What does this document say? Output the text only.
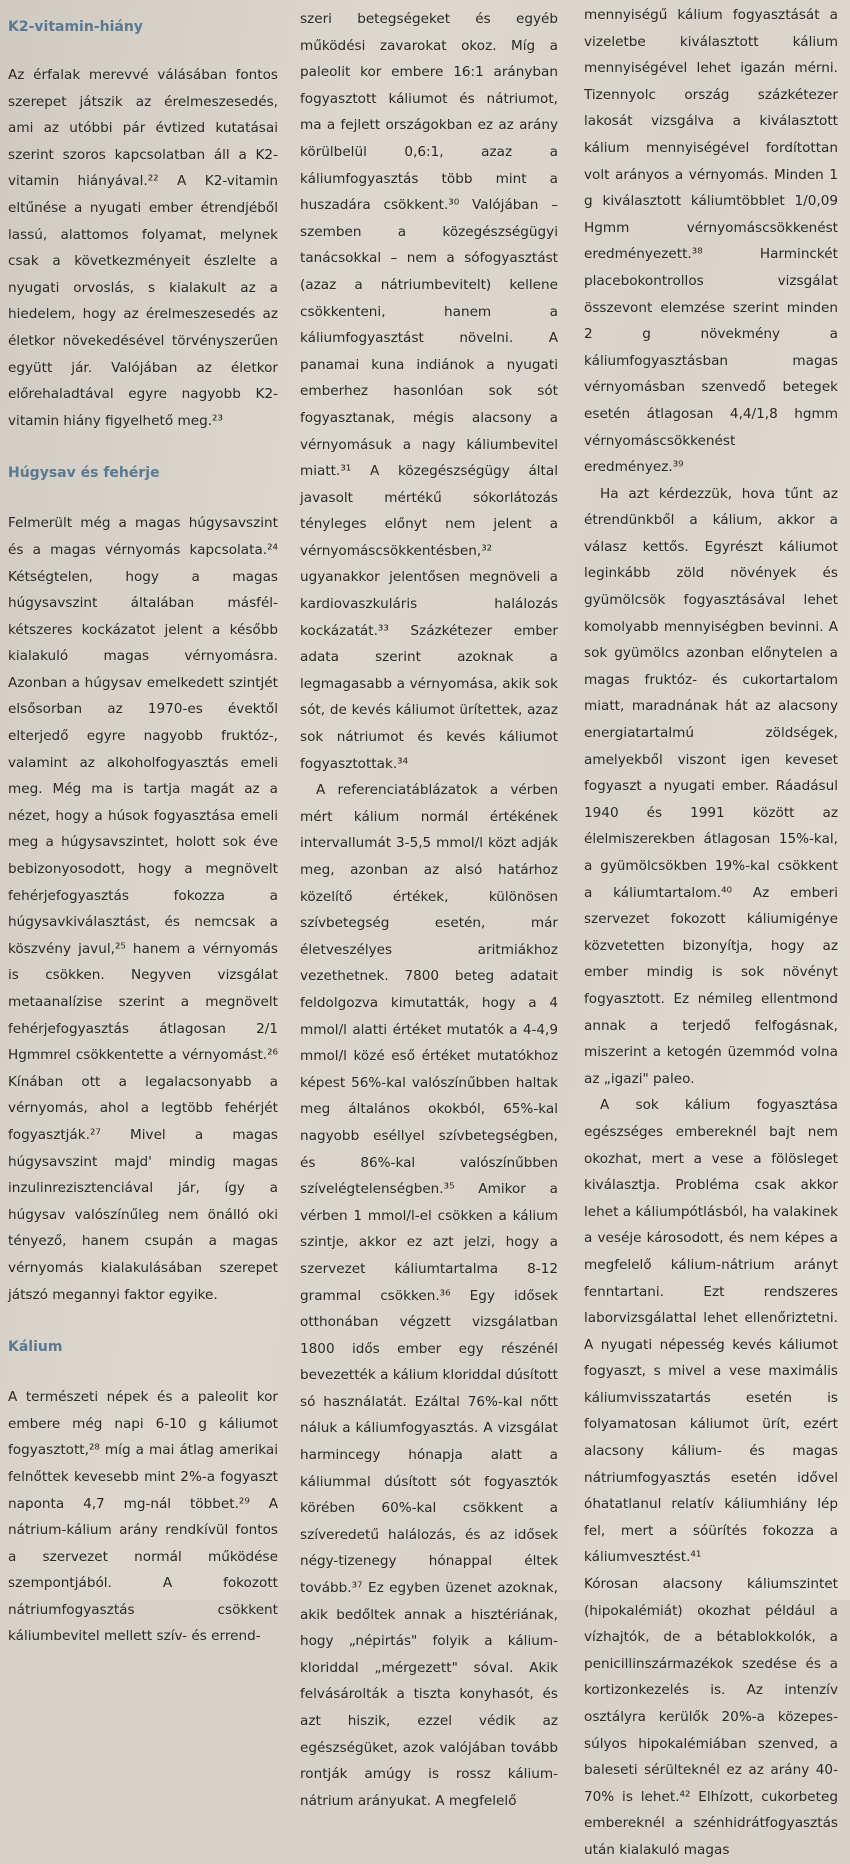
K2-vitamin-hiány

Az érfalak merevvé válásában fontos szerepet játszik az érelmeszesedés, ami az utóbbi pár évtized kutatásai szerint szoros kapcsolatban áll a K2-vitamin hiányával.²² A K2-vitamin eltűnése a nyugati ember étrendjéből lassú, alattomos folyamat, melynek csak a következményeit észlelte a nyugati orvoslás, s kialakult az a hiedelem, hogy az érelmeszesedés az életkor növekedésével törvényszerűen együtt jár. Valójában az életkor előrehaladtával egyre nagyobb K2-vitamin hiány figyelhető meg.²³

Húgysav és fehérje

Felmerült még a magas húgysavszint és a magas vérnyomás kapcsolata.²⁴ Kétségtelen, hogy a magas húgysavszint általában másfél-kétszeres kockázatot jelent a később kialakuló magas vérnyomásra. Azonban a húgysav emelkedett szintjét elsősorban az 1970-es évektől elterjedő egyre nagyobb fruktóz-, valamint az alkoholfogyasztás emeli meg. Még ma is tartja magát az a nézet, hogy a húsok fogyasztása emeli meg a húgysavszintet, holott sok éve bebizonyosodott, hogy a megnövelt fehérjefogyasztás fokozza a húgysavkiválasztást, és nemcsak a köszvény javul,²⁵ hanem a vérnyomás is csökken. Negyven vizsgálat metaanalízise szerint a megnövelt fehérjefogyasztás átlagosan 2/1 Hgmmrel csökkentette a vérnyomást.²⁶ Kínában ott a legalacsonyabb a vérnyomás, ahol a legtöbb fehérjét fogyasztják.²⁷ Mivel a magas húgysavszint majd' mindig magas inzulinrezisztenciával jár, így a húgysav valószínűleg nem önálló oki tényező, hanem csupán a magas vérnyomás kialakulásában szerepet játszó megannyi faktor egyike.

Kálium

A természeti népek és a paleolit kor embere még napi 6-10 g káliumot fogyasztott,²⁸ míg a mai átlag amerikai felnőttek kevesebb mint 2%-a fogyaszt naponta 4,7 mg-nál többet.²⁹ A nátrium-kálium arány rendkívül fontos a szervezet normál működése szempontjából. A fokozott nátriumfogyasztás csökkent káliumbevitel mellett szív- és errend-

szeri betegségeket és egyéb működési zavarokat okoz. Míg a paleolit kor embere 16:1 arányban fogyasztott káliumot és nátriumot, ma a fejlett országokban ez az arány körülbelül 0,6:1, azaz a káliumfogyasztás több mint a huszadára csökkent.³⁰ Valójában – szemben a közegészségügyi tanácsokkal – nem a sófogyasztást (azaz a nátriumbevitelt) kellene csökkenteni, hanem a káliumfogyasztást növelni. A panamai kuna indiánok a nyugati emberhez hasonlóan sok sót fogyasztanak, mégis alacsony a vérnyomásuk a nagy káliumbevitel miatt.³¹ A közegészségügy által javasolt mértékű sókorlátozás tényleges előnyt nem jelent a vérnyomáscsökkentésben,³² ugyanakkor jelentősen megnöveli a kardiovaszkuláris halálozás kockázatát.³³ Százkétezer ember adata szerint azoknak a legmagasabb a vérnyomása, akik sok sót, de kevés káliumot ürítettek, azaz sok nátriumot és kevés káliumot fogyasztottak.³⁴

A referenciatáblázatok a vérben mért kálium normál értékének intervallumát 3-5,5 mmol/l közt adják meg, azonban az alsó határhoz közelítő értékek, különösen szívbetegség esetén, már életveszélyes aritmiákhoz vezethetnek. 7800 beteg adatait feldolgozva kimutatták, hogy a 4 mmol/l alatti értéket mutatók a 4-4,9 mmol/l közé eső értéket mutatókhoz képest 56%-kal valószínűbben haltak meg általános okokból, 65%-kal nagyobb eséllyel szívbetegségben, és 86%-kal valószínűbben szívelégtelenségben.³⁵ Amikor a vérben 1 mmol/l-el csökken a kálium szintje, akkor ez azt jelzi, hogy a szervezet káliumtartalma 8-12 grammal csökken.³⁶ Egy idősek otthonában végzett vizsgálatban 1800 idős ember egy részénél bevezették a kálium kloriddal dúsított só használatát. Ezáltal 76%-kal nőtt náluk a káliumfogyasztás. A vizsgálat harmincegy hónapja alatt a káliummal dúsított sót fogyasztók körében 60%-kal csökkent a szíveredetű halálozás, és az idősek négy-tizenegy hónappal éltek tovább.³⁷ Ez egyben üzenet azoknak, akik bedőltek annak a hisztériának, hogy „népirtás" folyik a kálium-kloriddal „mérgezett" sóval. Akik felvásárolták a tiszta konyhasót, és azt hiszik, ezzel védik az egészségüket, azok valójában tovább rontják amúgy is rossz kálium-nátrium arányukat. A megfelelő

mennyiségű kálium fogyasztását a vizeletbe kiválasztott kálium mennyiségével lehet igazán mérni. Tizennyolc ország százkétezer lakosát vizsgálva a kiválasztott kálium mennyiségével fordítottan volt arányos a vérnyomás. Minden 1 g kiválasztott káliumtöbblet 1/0,09 Hgmm vérnyomáscsökkenést eredményezett.³⁸ Harminckét placebokontrollos vizsgálat összevont elemzése szerint minden 2 g növekmény a káliumfogyasztásban magas vérnyomásban szenvedő betegek esetén átlagosan 4,4/1,8 hgmm vérnyomáscsökkenést eredményez.³⁹

Ha azt kérdezzük, hova tűnt az étrendünkből a kálium, akkor a válasz kettős. Egyrészt káliumot leginkább zöld növények és gyümölcsök fogyasztásával lehet komolyabb mennyiségben bevinni. A sok gyümölcs azonban előnytelen a magas fruktóz- és cukortartalom miatt, maradnának hát az alacsony energiatartalmú zöldségek, amelyekből viszont igen keveset fogyaszt a nyugati ember. Ráadásul 1940 és 1991 között az élelmiszerekben átlagosan 15%-kal, a gyümölcsökben 19%-kal csökkent a káliumtartalom.⁴⁰ Az emberi szervezet fokozott káliumigénye közvetetten bizonyítja, hogy az ember mindig is sok növényt fogyasztott. Ez némileg ellentmond annak a terjedő felfogásnak, miszerint a ketogén üzemmód volna az „igazi" paleo.

A sok kálium fogyasztása egészséges embereknél bajt nem okozhat, mert a vese a fölösleget kiválasztja. Probléma csak akkor lehet a káliumpótlásból, ha valakinek a veséje károsodott, és nem képes a megfelelő kálium-nátrium arányt fenntartani. Ezt rendszeres laborvizsgálattal lehet ellenőriztetni. A nyugati népesség kevés káliumot fogyaszt, s mivel a vese maximális káliumvisszatartás esetén is folyamatosan káliumot ürít, ezért alacsony kálium- és magas nátriumfogyasztás esetén idővel óhatatlanul relatív káliumhiány lép fel, mert a sóürítés fokozza a káliumvesztést.⁴¹

Kórosan alacsony káliumszintet (hipokalémiát) okozhat például a vízhajtók, de a bétablokkolók, a penicillinszármazékok szedése és a kortizonkezelés is. Az intenzív osztályra kerülők 20%-a közepes-súlyos hipokalémiában szenved, a baleseti sérülteknél ez az arány 40-70% is lehet.⁴² Elhízott, cukorbeteg embereknél a szénhidrátfogyasztás után kialakuló magas
